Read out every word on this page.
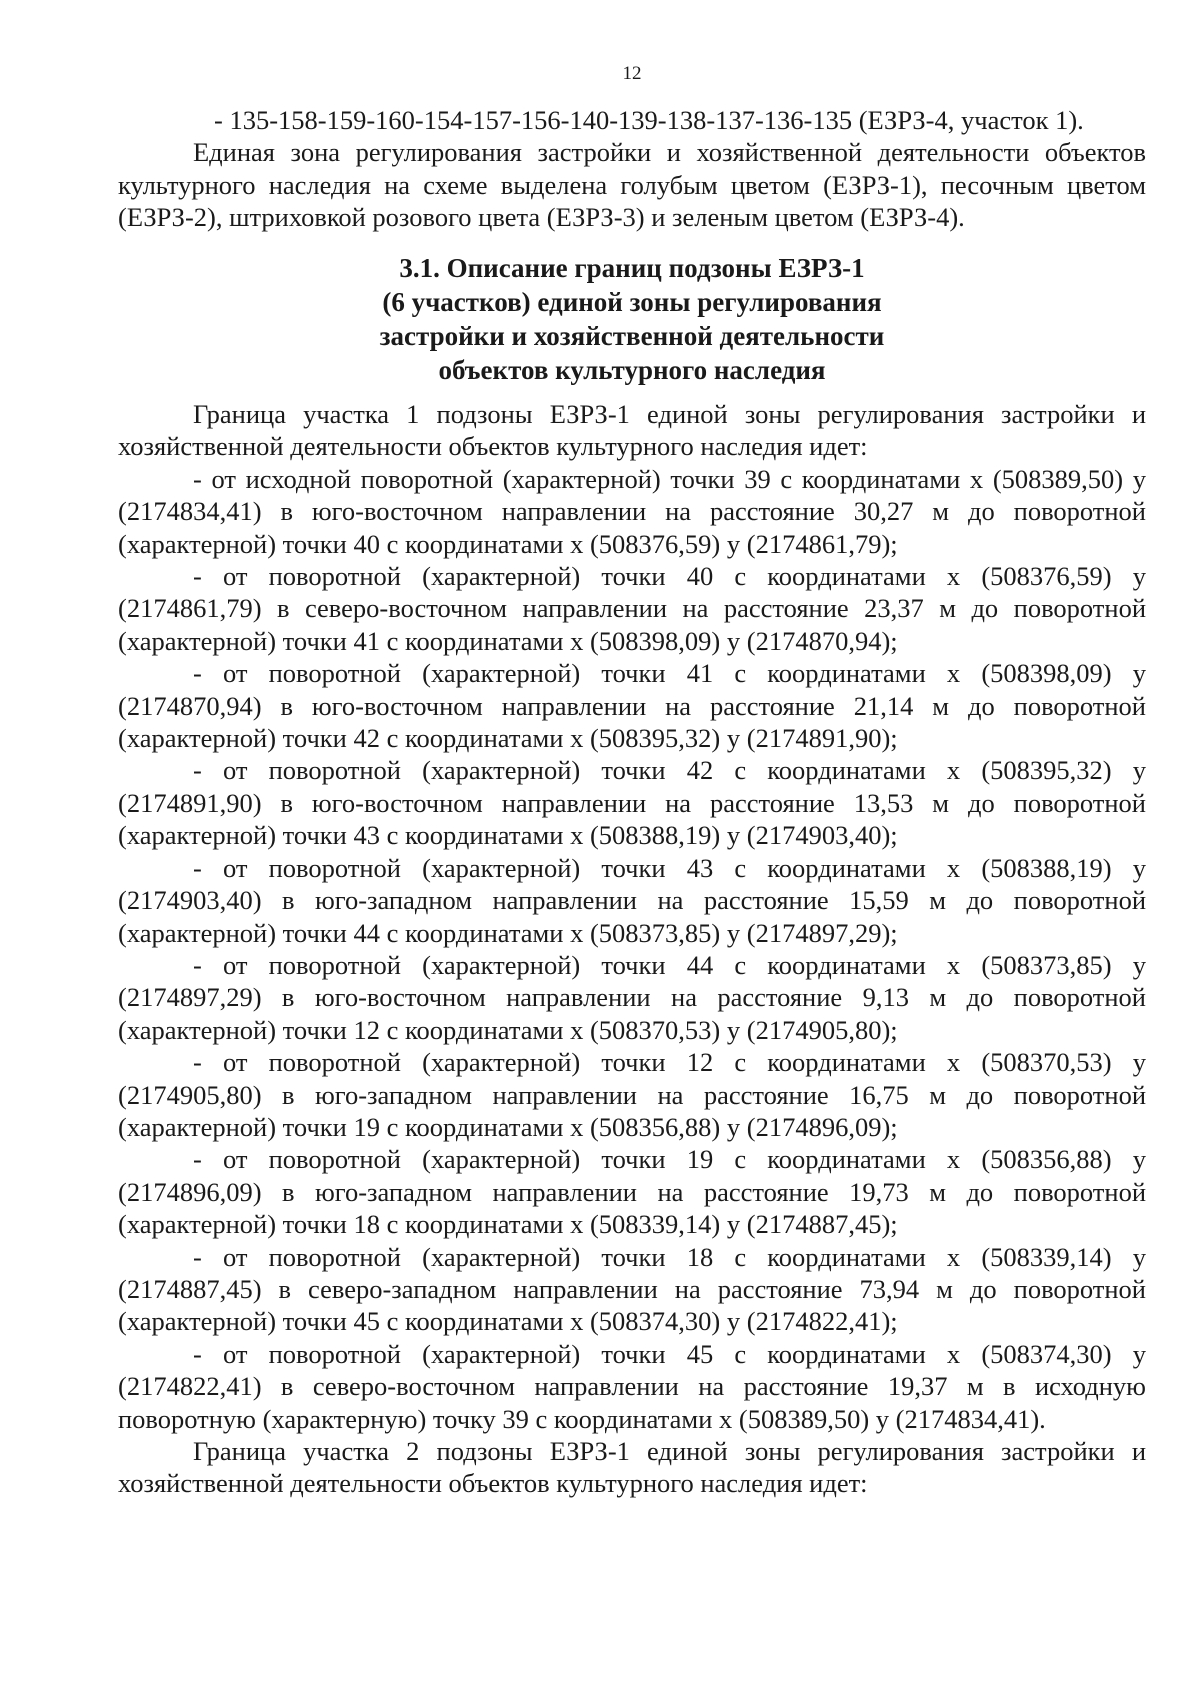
12

- 135-158-159-160-154-157-156-140-139-138-137-136-135 (ЕЗРЗ-4, участок 1).

Единая зона регулирования застройки и хозяйственной деятельности объектов культурного наследия на схеме выделена голубым цветом (ЕЗРЗ-1), песочным цветом (ЕЗРЗ-2), штриховкой розового цвета (ЕЗРЗ-3) и зеленым цветом (ЕЗРЗ-4).

3.1. Описание границ подзоны ЕЗРЗ-1
(6 участков) единой зоны регулирования
застройки и хозяйственной деятельности
объектов культурного наследия

Граница участка 1 подзоны ЕЗРЗ-1 единой зоны регулирования застройки и хозяйственной деятельности объектов культурного наследия идет:

- от исходной поворотной (характерной) точки 39 с координатами х (508389,50) у (2174834,41) в юго-восточном направлении на расстояние 30,27 м до поворотной (характерной) точки 40 с координатами х (508376,59) у (2174861,79);

- от поворотной (характерной) точки 40 с координатами х (508376,59) у (2174861,79) в северо-восточном направлении на расстояние 23,37 м до поворотной (характерной) точки 41 с координатами х (508398,09) у (2174870,94);

- от поворотной (характерной) точки 41 с координатами х (508398,09) у (2174870,94) в юго-восточном направлении на расстояние 21,14 м до поворотной (характерной) точки 42 с координатами х (508395,32) у (2174891,90);

- от поворотной (характерной) точки 42 с координатами х (508395,32) у (2174891,90) в юго-восточном направлении на расстояние 13,53 м до поворотной (характерной) точки 43 с координатами х (508388,19) у (2174903,40);

- от поворотной (характерной) точки 43 с координатами х (508388,19) у (2174903,40) в юго-западном направлении на расстояние 15,59 м до поворотной (характерной) точки 44 с координатами х (508373,85) у (2174897,29);

- от поворотной (характерной) точки 44 с координатами х (508373,85) у (2174897,29) в юго-восточном направлении на расстояние 9,13 м до поворотной (характерной) точки 12 с координатами х (508370,53) у (2174905,80);

- от поворотной (характерной) точки 12 с координатами х (508370,53) у (2174905,80) в юго-западном направлении на расстояние 16,75 м до поворотной (характерной) точки 19 с координатами х (508356,88) у (2174896,09);

- от поворотной (характерной) точки 19 с координатами х (508356,88) у (2174896,09) в юго-западном направлении на расстояние 19,73 м до поворотной (характерной) точки 18 с координатами х (508339,14) у (2174887,45);

- от поворотной (характерной) точки 18 с координатами х (508339,14) у (2174887,45) в северо-западном направлении на расстояние 73,94 м до поворотной (характерной) точки 45 с координатами х (508374,30) у (2174822,41);

- от поворотной (характерной) точки 45 с координатами х (508374,30) у (2174822,41) в северо-восточном направлении на расстояние 19,37 м в исходную поворотную (характерную) точку 39 с координатами х (508389,50) у (2174834,41).

Граница участка 2 подзоны ЕЗРЗ-1 единой зоны регулирования застройки и хозяйственной деятельности объектов культурного наследия идет:
